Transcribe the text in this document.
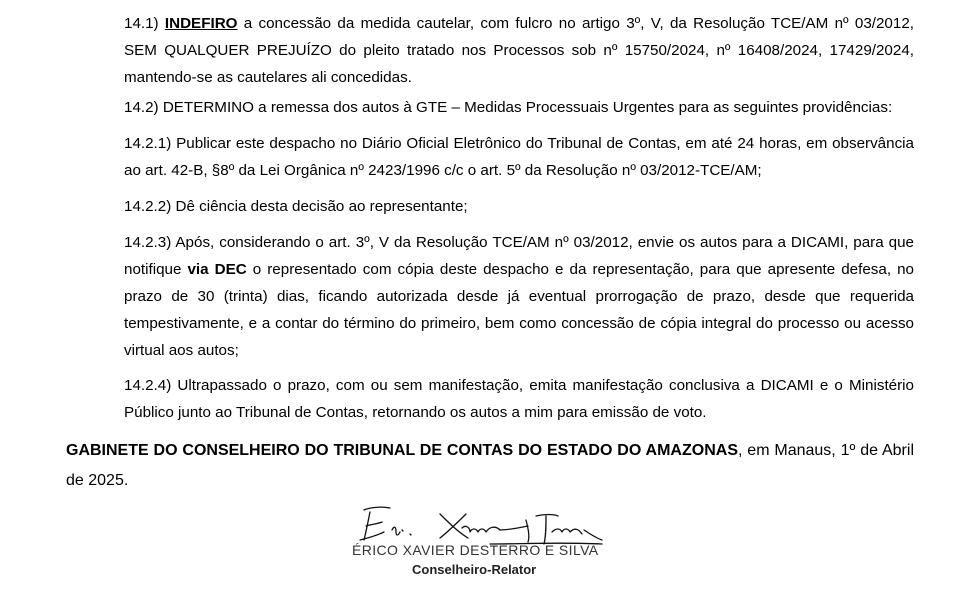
14.1) INDEFIRO a concessão da medida cautelar, com fulcro no artigo 3º, V, da Resolução TCE/AM nº 03/2012, SEM QUALQUER PREJUÍZO do pleito tratado nos Processos sob nº 15750/2024, nº 16408/2024, 17429/2024, mantendo-se as cautelares ali concedidas.
14.2) DETERMINO a remessa dos autos à GTE – Medidas Processuais Urgentes para as seguintes providências:
14.2.1) Publicar este despacho no Diário Oficial Eletrônico do Tribunal de Contas, em até 24 horas, em observância ao art. 42-B, §8º da Lei Orgânica nº 2423/1996 c/c o art. 5º da Resolução nº 03/2012-TCE/AM;
14.2.2) Dê ciência desta decisão ao representante;
14.2.3) Após, considerando o art. 3º, V da Resolução TCE/AM nº 03/2012, envie os autos para a DICAMI, para que notifique via DEC o representado com cópia deste despacho e da representação, para que apresente defesa, no prazo de 30 (trinta) dias, ficando autorizada desde já eventual prorrogação de prazo, desde que requerida tempestivamente, e a contar do término do primeiro, bem como concessão de cópia integral do processo ou acesso virtual aos autos;
14.2.4) Ultrapassado o prazo, com ou sem manifestação, emita manifestação conclusiva a DICAMI e o Ministério Público junto ao Tribunal de Contas, retornando os autos a mim para emissão de voto.
GABINETE DO CONSELHEIRO DO TRIBUNAL DE CONTAS DO ESTADO DO AMAZONAS, em Manaus, 1º de Abril de 2025.
ÉRICO XAVIER DESTERRO E SILVA
Conselheiro-Relator
